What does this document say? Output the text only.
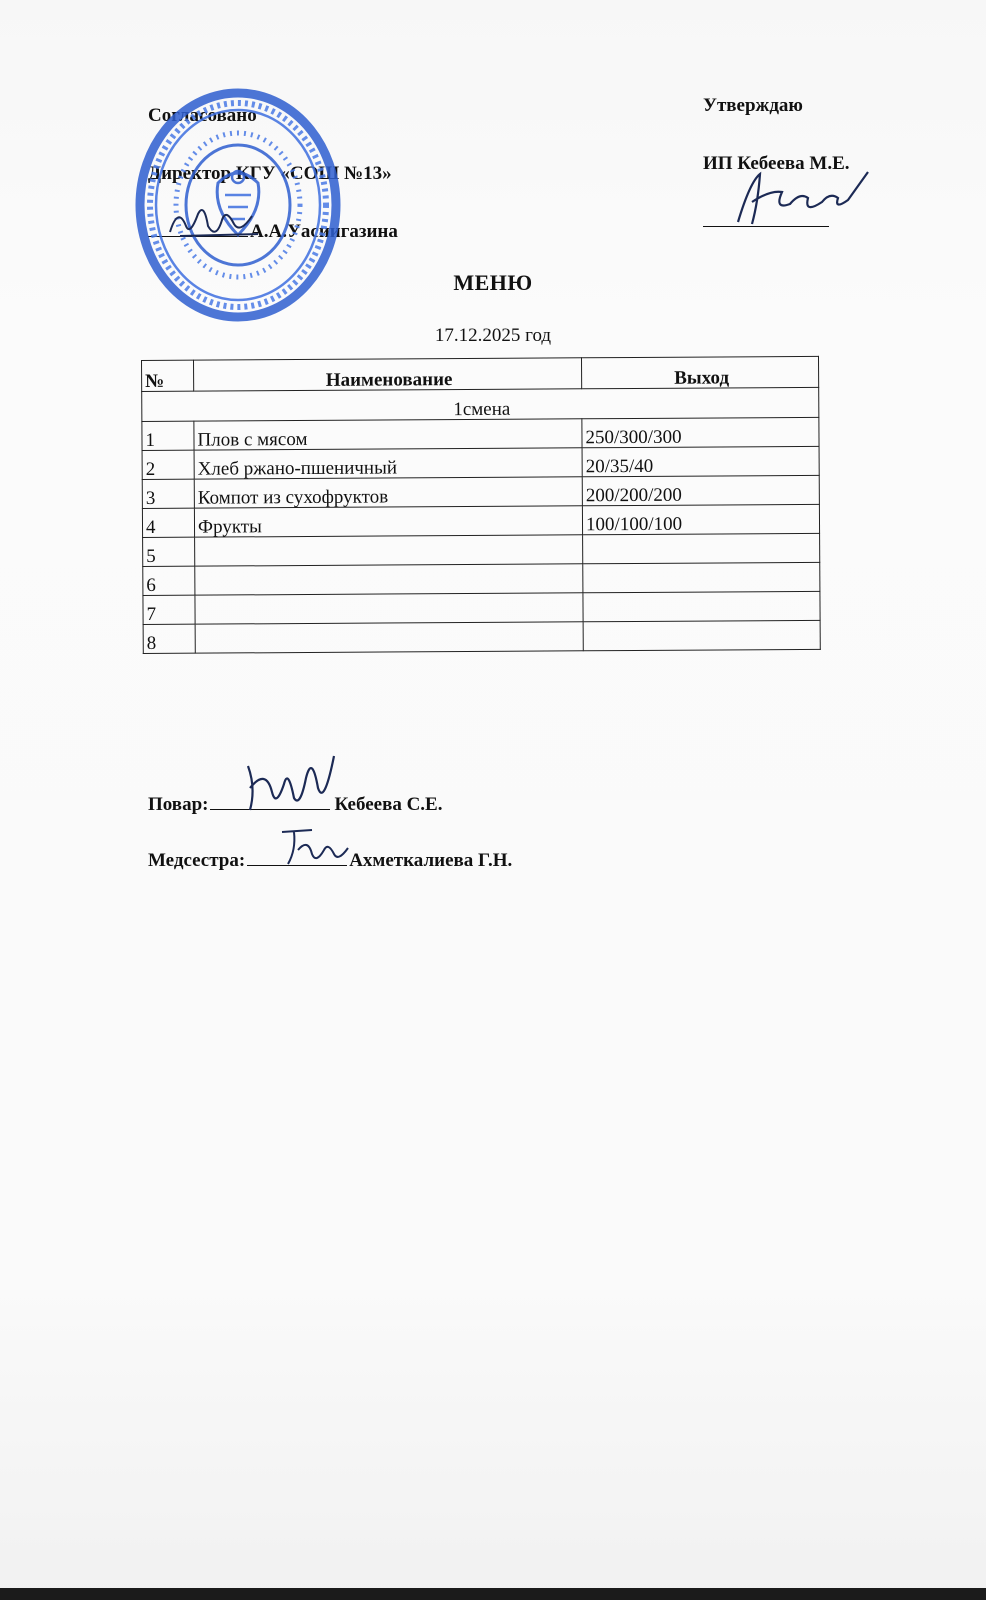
Согласовано
Директор КГУ «СОШ №13»
А.А.Уасиигазина
Утверждаю
ИП Кебеева М.Е.
МЕНЮ
17.12.2025 год
№	Наименование	Выход
1смена		
1	Плов с мясом	250/300/300
2	Хлеб ржано-пшеничный	20/35/40
3	Компот из сухофруктов	200/200/200
4	Фрукты	100/100/100
5		
6		
7		
8		
Повар:	Кебеева С.Е.
Медсестра:	Ахметкалиева Г.Н.
